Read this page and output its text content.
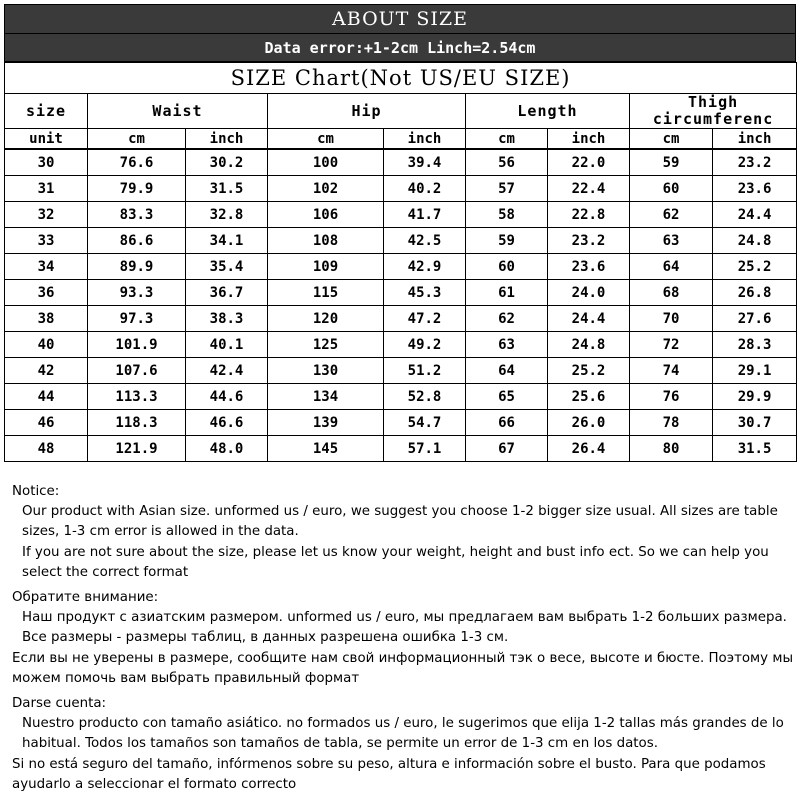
ABOUT SIZE
Data error:+1-2cm Linch=2.54cm
SIZE Chart(Not US/EU SIZE)								
size	Waist		Hip		Length		Thigh circumferenc	
unit	cm	inch	cm	inch	cm	inch	cm	inch
30	76.6	30.2	100	39.4	56	22.0	59	23.2
31	79.9	31.5	102	40.2	57	22.4	60	23.6
32	83.3	32.8	106	41.7	58	22.8	62	24.4
33	86.6	34.1	108	42.5	59	23.2	63	24.8
34	89.9	35.4	109	42.9	60	23.6	64	25.2
36	93.3	36.7	115	45.3	61	24.0	68	26.8
38	97.3	38.3	120	47.2	62	24.4	70	27.6
40	101.9	40.1	125	49.2	63	24.8	72	28.3
42	107.6	42.4	130	51.2	64	25.2	74	29.1
44	113.3	44.6	134	52.8	65	25.6	76	29.9
46	118.3	46.6	139	54.7	66	26.0	78	30.7
48	121.9	48.0	145	57.1	67	26.4	80	31.5

Notice:

Our product with Asian size. unformed us / euro, we suggest you choose 1-2 bigger size usual. All sizes are table sizes, 1-3 cm error is allowed in the data.

If you are not sure about the size, please let us know your weight, height and bust info ect. So we can help you select the correct format

Обратите внимание:

Наш продукт с азиатским размером. unformed us / euro, мы предлагаем вам выбрать 1-2 больших размера. Все размеры - размеры таблиц, в данных разрешена ошибка 1-3 см.

Если вы не уверены в размере, сообщите нам свой информационный тэк о весе, высоте и бюсте. Поэтому мы можем помочь вам выбрать правильный формат

Darse cuenta:

Nuestro producto con tamaño asiático. no formados us / euro, le sugerimos que elija 1-2 tallas más grandes de lo habitual. Todos los tamaños son tamaños de tabla, se permite un error de 1-3 cm en los datos.

Si no está seguro del tamaño, infórmenos sobre su peso, altura e información sobre el busto. Para que podamos ayudarlo a seleccionar el formato correcto
